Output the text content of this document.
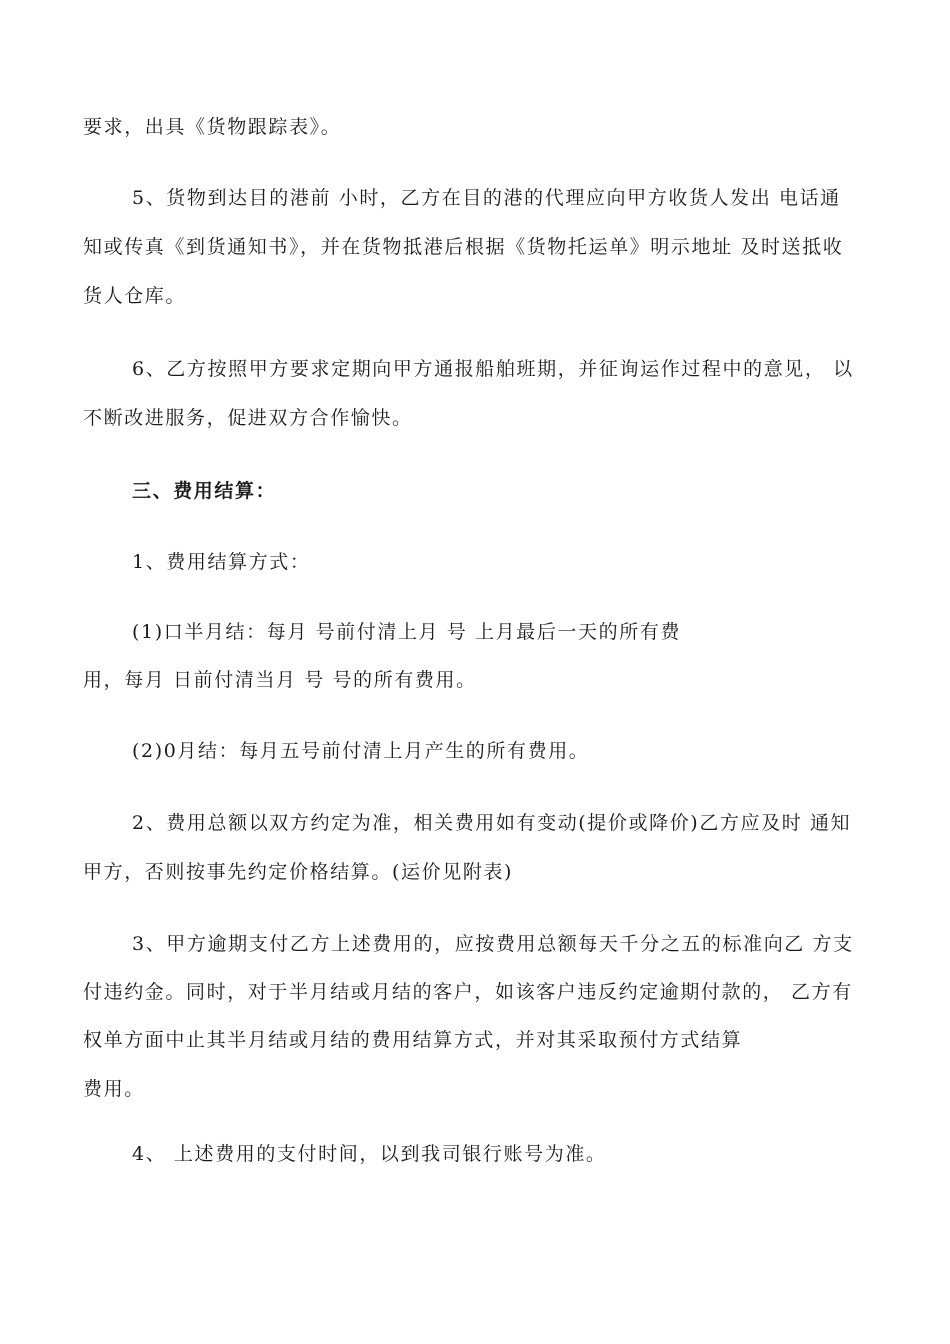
要求，出具《货物跟踪表》。
5、货物到达目的港前 小时，乙方在目的港的代理应向甲方收货人发出 电话通
知或传真《到货通知书》，并在货物抵港后根据《货物托运单》明示地址 及时送抵收
货人仓库。
6、乙方按照甲方要求定期向甲方通报船舶班期，并征询运作过程中的意见， 以
不断改进服务，促进双方合作愉快。
三、费用结算：
1、费用结算方式：
(1)口半月结：每月 号前付清上月 号 上月最后一天的所有费
用，每月 日前付清当月 号 号的所有费用。
(2)0月结：每月五号前付清上月产生的所有费用。
2、费用总额以双方约定为准，相关费用如有变动(提价或降价)乙方应及时 通知
甲方，否则按事先约定价格结算。(运价见附表)
3、甲方逾期支付乙方上述费用的，应按费用总额每天千分之五的标准向乙 方支
付违约金。同时，对于半月结或月结的客户，如该客户违反约定逾期付款的， 乙方有
权单方面中止其半月结或月结的费用结算方式，并对其采取预付方式结算
费用。
4、 上述费用的支付时间，以到我司银行账号为准。
